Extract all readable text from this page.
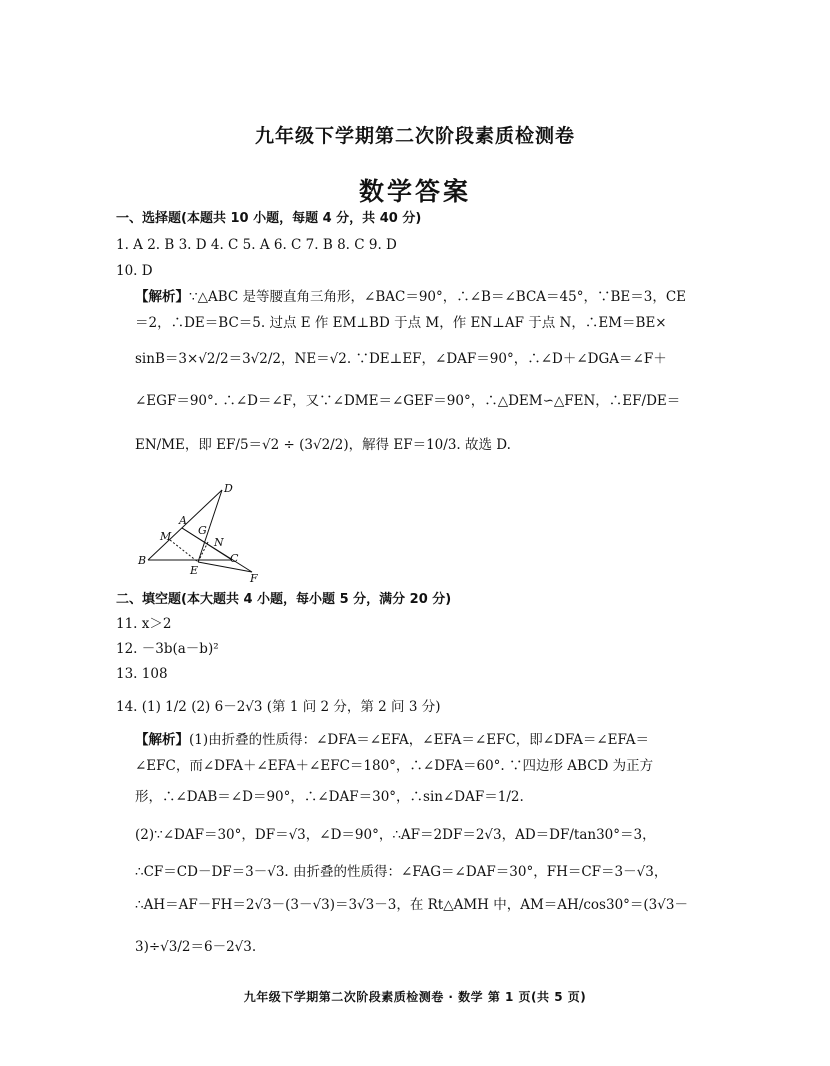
九年级下学期第二次阶段素质检测卷
数学答案
一、选择题(本题共 10 小题，每题 4 分，共 40 分)
1. A 2. B 3. D 4. C 5. A 6. C 7. B 8. C 9. D
10. D
【解析】∵△ABC 是等腰直角三角形，∠BAC＝90°，∴∠B＝∠BCA＝45°，∵BE＝3，CE
＝2，∴DE＝BC＝5. 过点 E 作 EM⊥BD 于点 M，作 EN⊥AF 于点 N，∴EM＝BE×
sinB＝3×√2/2＝3√2/2，NE＝√2. ∵DE⊥EF，∠DAF＝90°，∴∠D＋∠DGA＝∠F＋
∠EGF＝90°. ∴∠D＝∠F，又∵∠DME＝∠GEF＝90°，∴△DEM∽△FEN，∴EF/DE＝
EN/ME，即 EF/5＝√2 ÷ (3√2/2)，解得 EF＝10/3. 故选 D.
D
A
G
M	N
B
E
C
F
二、填空题(本大题共 4 小题，每小题 5 分，满分 20 分)
11. x＞2
12. －3b(a－b)²
13. 108
14. (1) 1/2 (2) 6－2√3 (第 1 问 2 分，第 2 问 3 分)
【解析】(1)由折叠的性质得：∠DFA＝∠EFA，∠EFA＝∠EFC，即∠DFA＝∠EFA＝
∠EFC，而∠DFA＋∠EFA＋∠EFC＝180°，∴∠DFA＝60°. ∵四边形 ABCD 为正方
形，∴∠DAB＝∠D＝90°，∴∠DAF＝30°，∴sin∠DAF＝1/2.
(2)∵∠DAF＝30°，DF＝√3，∠D＝90°，∴AF＝2DF＝2√3，AD＝DF/tan30°＝3，
∴CF＝CD－DF＝3－√3. 由折叠的性质得：∠FAG＝∠DAF＝30°，FH＝CF＝3－√3，
∴AH＝AF－FH＝2√3－(3－√3)＝3√3－3，在 Rt△AMH 中，AM＝AH/cos30°＝(3√3－
3)÷√3/2＝6－2√3.
九年级下学期第二次阶段素质检测卷 · 数学 第 1 页(共 5 页)
